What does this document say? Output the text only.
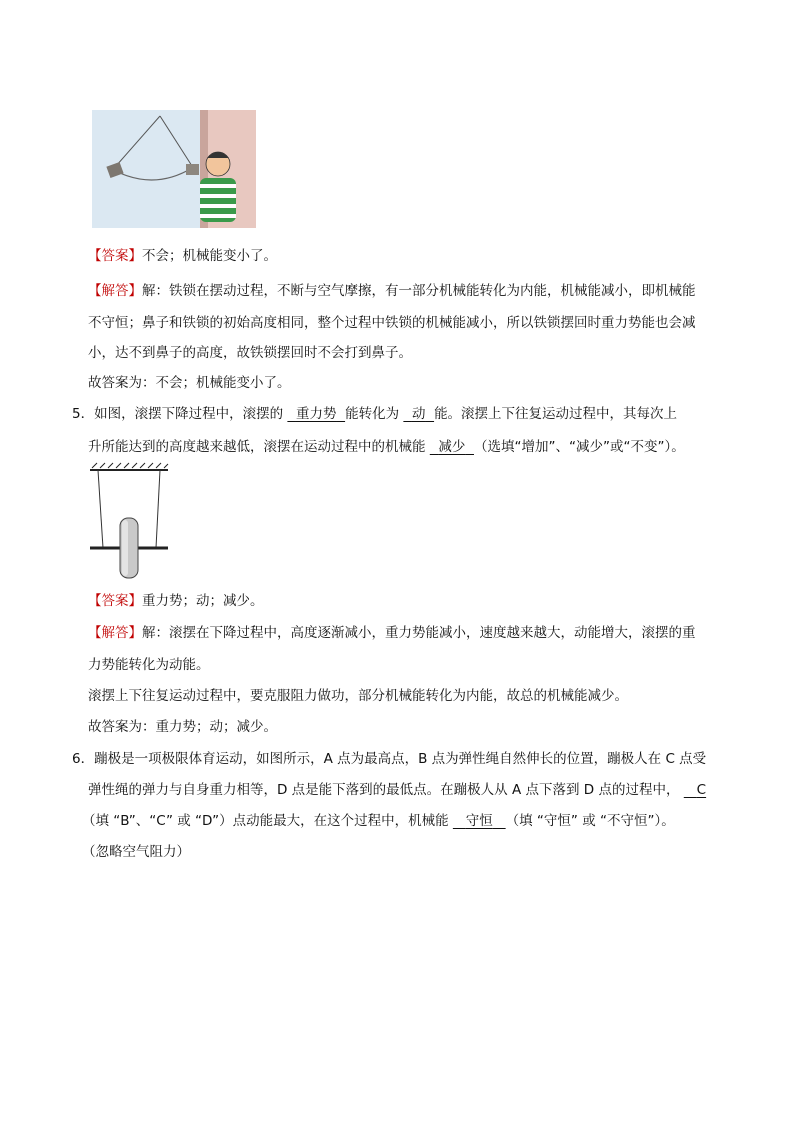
【答案】不会；机械能变小了。
【解答】解：铁锁在摆动过程，不断与空气摩擦，有一部分机械能转化为内能，机械能减小，即机械能
不守恒；鼻子和铁锁的初始高度相同，整个过程中铁锁的机械能减小，所以铁锁摆回时重力势能也会减
小，达不到鼻子的高度，故铁锁摆回时不会打到鼻子。
故答案为：不会；机械能变小了。
5．如图，滚摆下降过程中，滚摆的 重力势 能转化为 动 能。滚摆上下往复运动过程中，其每次上
升所能达到的高度越来越低，滚摆在运动过程中的机械能 减少 （选填“增加”、“减少”或“不变”）。
【答案】重力势；动；减少。
【解答】解：滚摆在下降过程中，高度逐渐减小，重力势能减小，速度越来越大，动能增大，滚摆的重
力势能转化为动能。
滚摆上下往复运动过程中，要克服阻力做功，部分机械能转化为内能，故总的机械能减少。
故答案为：重力势；动；减少。
6．蹦极是一项极限体育运动，如图所示，A 点为最高点，B 点为弹性绳自然伸长的位置，蹦极人在 C 点受
弹性绳的弹力与自身重力相等，D 点是能下落到的最低点。在蹦极人从 A 点下落到 D 点的过程中， C
（填 “B”、“C” 或 “D”）点动能最大，在这个过程中，机械能 守恒 （填 “守恒” 或 “不守恒”）。
（忽略空气阻力）
